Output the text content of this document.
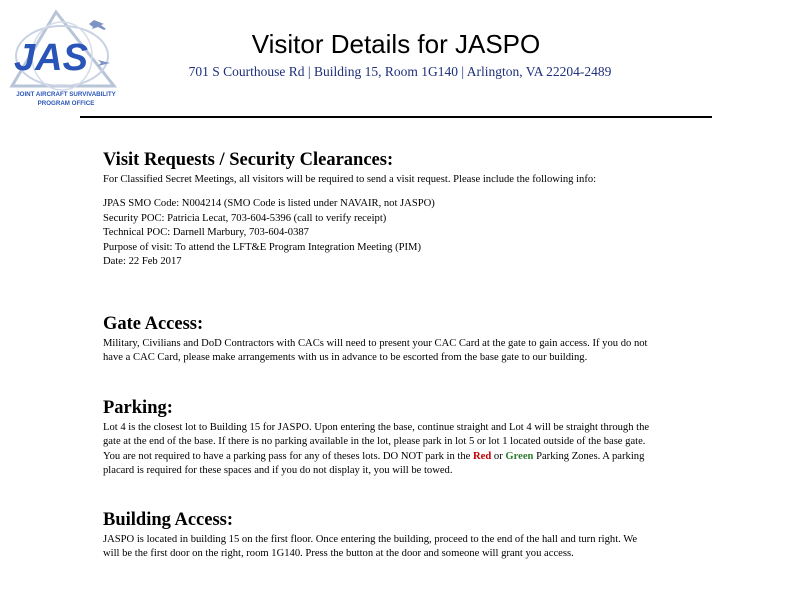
JAS
JOINT AIRCRAFT SURVIVABILITY
PROGRAM OFFICE
Visitor Details for JASPO
701 S Courthouse Rd | Building 15, Room 1G140 | Arlington, VA 22204-2489
Visit Requests / Security Clearances:

For Classified Secret Meetings, all visitors will be required to send a visit request. Please include the following info:

JPAS SMO Code: N004214 (SMO Code is listed under NAVAIR, not JASPO)

Security POC: Patricia Lecat, 703-604-5396 (call to verify receipt)

Technical POC: Darnell Marbury, 703-604-0387

Purpose of visit: To attend the LFT&E Program Integration Meeting (PIM)

Date: 22 Feb 2017

Gate Access:

Military, Civilians and DoD Contractors with CACs will need to present your CAC Card at the gate to gain access. If you do not

have a CAC Card, please make arrangements with us in advance to be escorted from the base gate to our building.

Parking:

Lot 4 is the closest lot to Building 15 for JASPO. Upon entering the base, continue straight and Lot 4 will be straight through the

gate at the end of the base. If there is no parking available in the lot, please park in lot 5 or lot 1 located outside of the base gate.

You are not required to have a parking pass for any of theses lots. DO NOT park in the Red or Green Parking Zones. A parking

placard is required for these spaces and if you do not display it, you will be towed.

Building Access:

JASPO is located in building 15 on the first floor. Once entering the building, proceed to the end of the hall and turn right. We

will be the first door on the right, room 1G140. Press the button at the door and someone will grant you access.
